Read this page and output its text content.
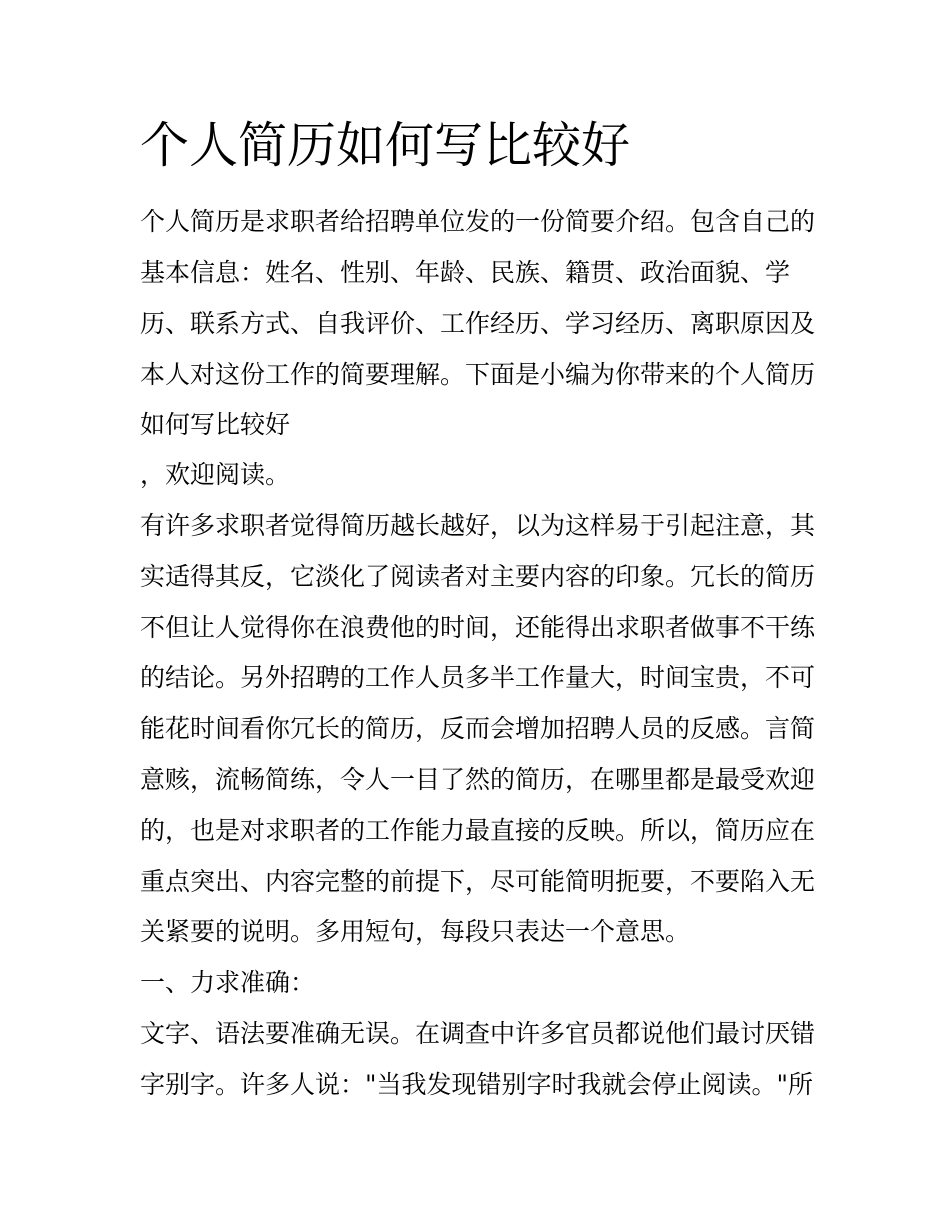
个人简历如何写比较好

个人简历是求职者给招聘单位发的一份简要介绍。包含自己的

基本信息：姓名、性别、年龄、民族、籍贯、政治面貌、学

历、联系方式、自我评价、工作经历、学习经历、离职原因及

本人对这份工作的简要理解。下面是小编为你带来的个人简历

如何写比较好

，欢迎阅读。

有许多求职者觉得简历越长越好，以为这样易于引起注意，其

实适得其反，它淡化了阅读者对主要内容的印象。冗长的简历

不但让人觉得你在浪费他的时间，还能得出求职者做事不干练

的结论。另外招聘的工作人员多半工作量大，时间宝贵，不可

能花时间看你冗长的简历，反而会增加招聘人员的反感。言简

意赅，流畅简练，令人一目了然的简历，在哪里都是最受欢迎

的，也是对求职者的工作能力最直接的反映。所以，简历应在

重点突出、内容完整的前提下，尽可能简明扼要，不要陷入无

关紧要的说明。多用短句，每段只表达一个意思。

一、力求准确：

文字、语法要准确无误。在调查中许多官员都说他们最讨厌错

字别字。许多人说："当我发现错别字时我就会停止阅读。"所
